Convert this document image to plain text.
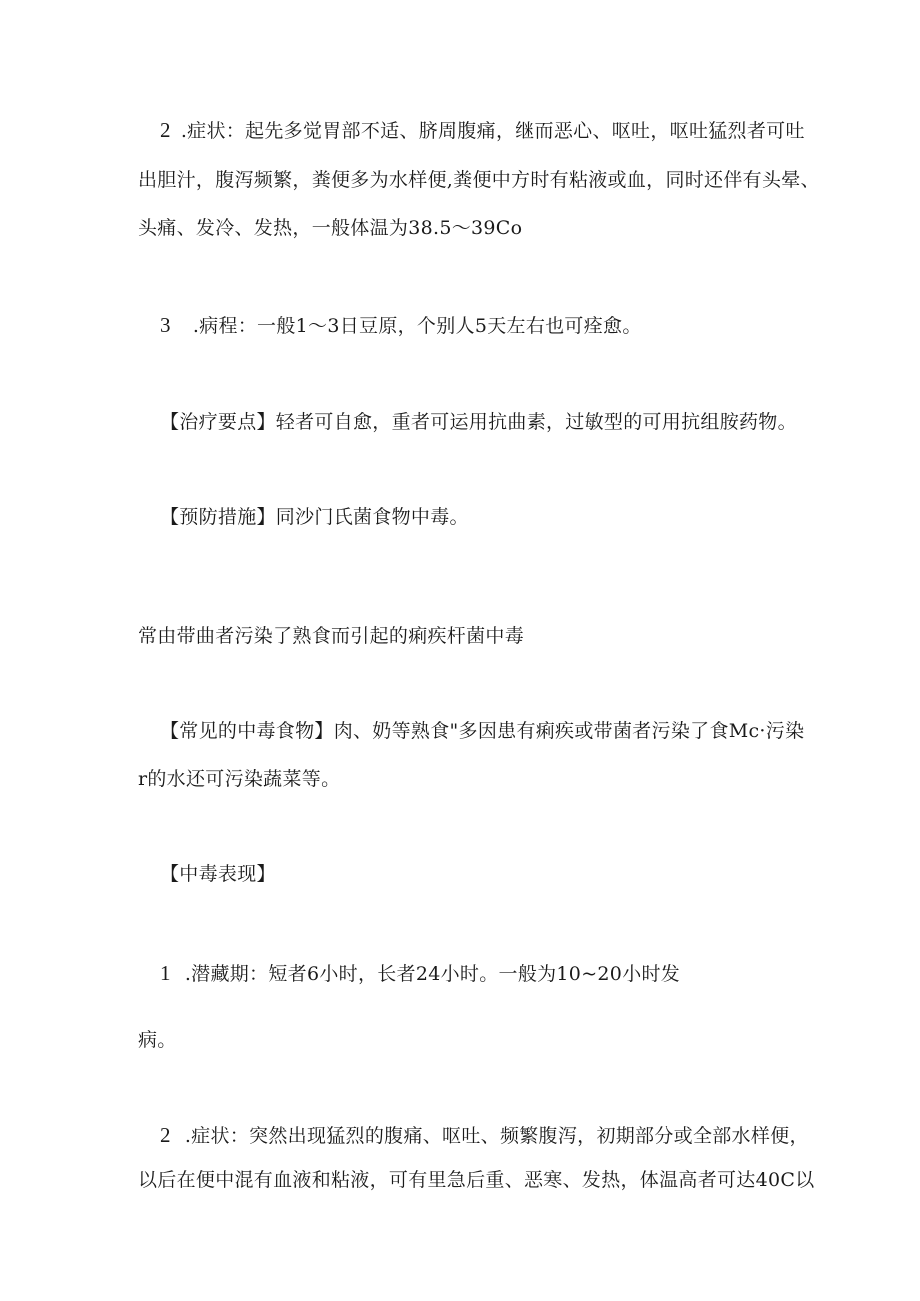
2 .症状：起先多觉胃部不适、脐周腹痛，继而恶心、呕吐，呕吐猛烈者可吐
出胆汁，腹泻频繁，粪便多为水样便,粪便中方时有粘液或血，同时还伴有头晕、
头痛、发冷、发热，一般体温为38.5～39Co
3 .病程：一般1～3日豆原，个别人5天左右也可痊愈。
【治疗要点】轻者可自愈，重者可运用抗曲素，过敏型的可用抗组胺药物。
【预防措施】同沙门氏菌食物中毒。
常由带曲者污染了熟食而引起的痢疾杆菌中毒
【常见的中毒食物】肉、奶等熟食"多因患有痢疾或带菌者污染了食Mc·污染
r的水还可污染蔬菜等。
【中毒表现】
1 .潜藏期：短者6小时，长者24小时。一般为10~20小时发
病。
2 .症状：突然出现猛烈的腹痛、呕吐、频繁腹泻，初期部分或全部水样便，
以后在便中混有血液和粘液，可有里急后重、恶寒、发热，体温高者可达40C以
